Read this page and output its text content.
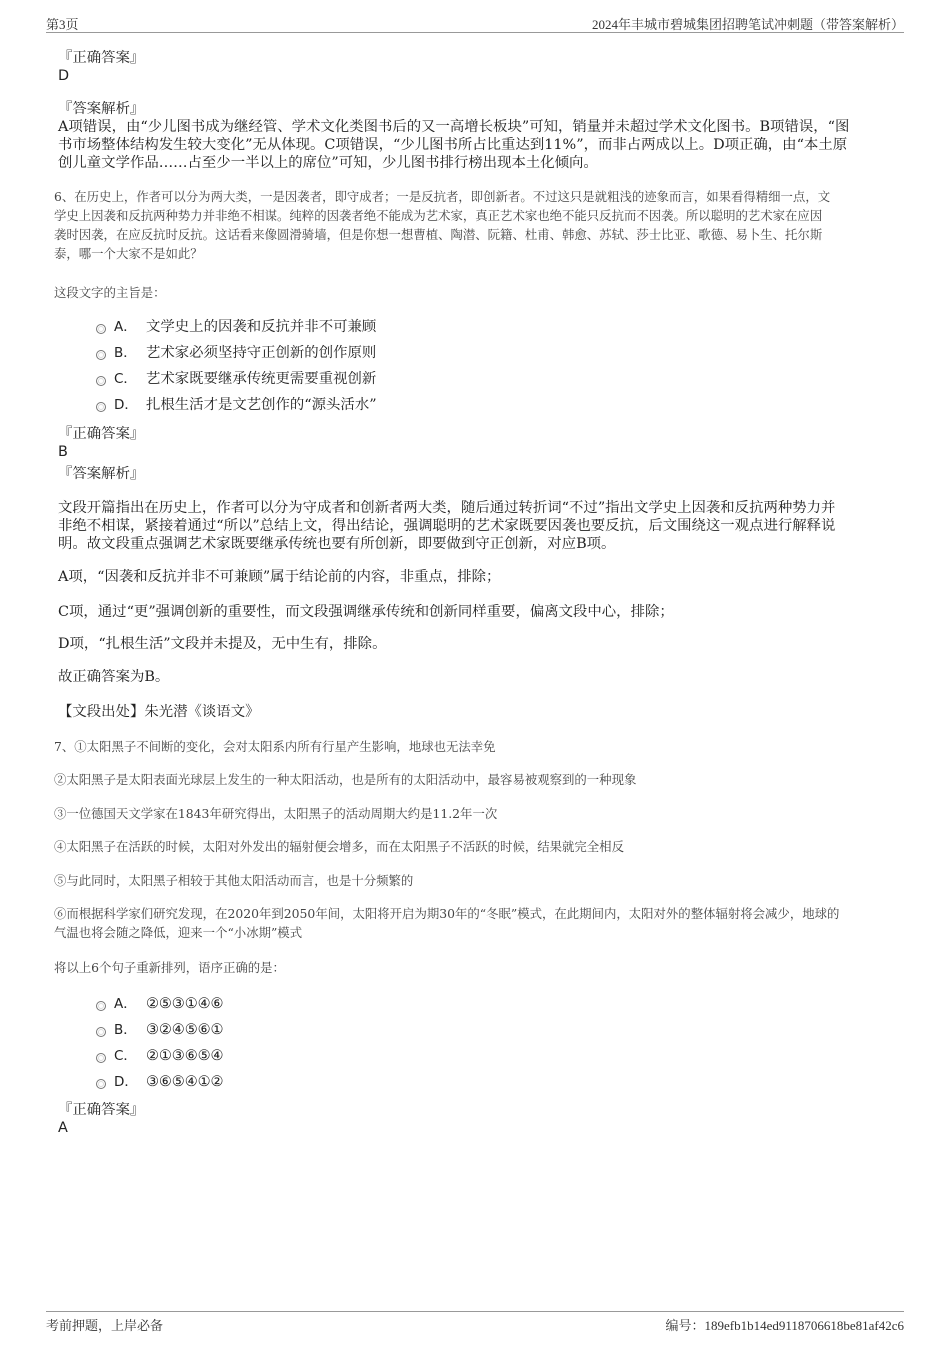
第3页	2024年丰城市碧城集团招聘笔试冲刺题（带答案解析）
『正确答案』
D
『答案解析』
A项错误，由“少儿图书成为继经管、学术文化类图书后的又一高增长板块”可知，销量并未超过学术文化图书。B项错误，“图
书市场整体结构发生较大变化”无从体现。C项错误，“少儿图书所占比重达到11%”，而非占两成以上。D项正确，由“本土原
创儿童文学作品……占至少一半以上的席位”可知，少儿图书排行榜出现本土化倾向。
6、在历史上，作者可以分为两大类，一是因袭者，即守成者；一是反抗者，即创新者。不过这只是就粗浅的迹象而言，如果看得精细一点，文
学史上因袭和反抗两种势力并非绝不相谋。纯粹的因袭者绝不能成为艺术家，真正艺术家也绝不能只反抗而不因袭。所以聪明的艺术家在应因
袭时因袭，在应反抗时反抗。这话看来像圆滑骑墙，但是你想一想曹植、陶潜、阮籍、杜甫、韩愈、苏轼、莎士比亚、歌德、易卜生、托尔斯
泰，哪一个大家不是如此？
这段文字的主旨是：
A． 文学史上的因袭和反抗并非不可兼顾
B． 艺术家必须坚持守正创新的创作原则
C． 艺术家既要继承传统更需要重视创新
D． 扎根生活才是文艺创作的“源头活水”
『正确答案』
B
『答案解析』
文段开篇指出在历史上，作者可以分为守成者和创新者两大类，随后通过转折词“不过”指出文学史上因袭和反抗两种势力并
非绝不相谋，紧接着通过“所以”总结上文，得出结论，强调聪明的艺术家既要因袭也要反抗，后文围绕这一观点进行解释说
明。故文段重点强调艺术家既要继承传统也要有所创新，即要做到守正创新，对应B项。
A项，“因袭和反抗并非不可兼顾”属于结论前的内容，非重点，排除；
C项，通过“更”强调创新的重要性，而文段强调继承传统和创新同样重要，偏离文段中心，排除；
D项，“扎根生活”文段并未提及，无中生有，排除。
故正确答案为B。
【文段出处】朱光潜《谈语文》
7、①太阳黑子不间断的变化，会对太阳系内所有行星产生影响，地球也无法幸免
②太阳黑子是太阳表面光球层上发生的一种太阳活动，也是所有的太阳活动中，最容易被观察到的一种现象
③一位德国天文学家在1843年研究得出，太阳黑子的活动周期大约是11.2年一次
④太阳黑子在活跃的时候，太阳对外发出的辐射便会增多，而在太阳黑子不活跃的时候，结果就完全相反
⑤与此同时，太阳黑子相较于其他太阳活动而言，也是十分频繁的
⑥而根据科学家们研究发现，在2020年到2050年间，太阳将开启为期30年的“冬眠”模式，在此期间内，太阳对外的整体辐射将会减少，地球的
气温也将会随之降低，迎来一个“小冰期”模式
将以上6个句子重新排列，语序正确的是：
A． ②⑤③①④⑥
B． ③②④⑤⑥①
C． ②①③⑥⑤④
D． ③⑥⑤④①②
『正确答案』
A
考前押题，上岸必备	编号：189efb1b14ed9118706618be81af42c6
